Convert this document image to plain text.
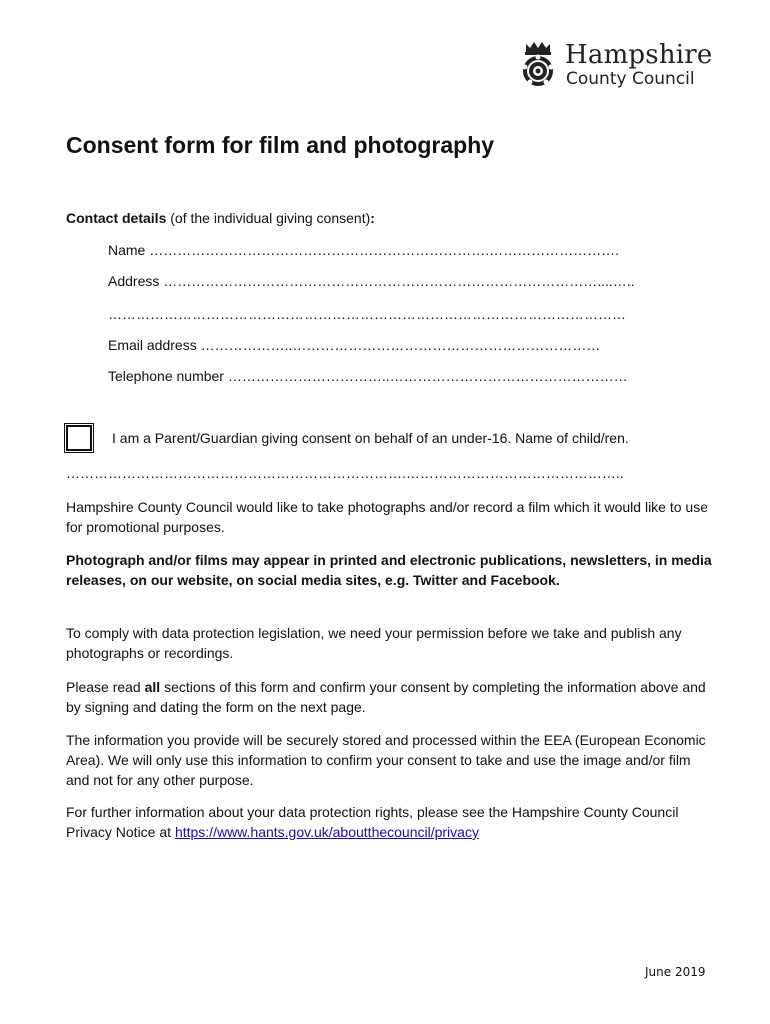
Hampshire
County Council
Consent form for film and photography
Contact details (of the individual giving consent):
Name ……………………………………………………………….……………………….
Address …………………………………………………………………………………....…..
…………………………………………………………………………………………………
Email address ………………..…………………………………………………………
Telephone number ……………………………..……………………………………………
I am a Parent/Guardian giving consent on behalf of an under-16. Name of child/ren.
……………………………………………………………….………………………………………..
Hampshire County Council would like to take photographs and/or record a film which it would like to use for promotional purposes.
Photograph and/or films may appear in printed and electronic publications, newsletters, in media releases, on our website, on social media sites, e.g. Twitter and Facebook.
To comply with data protection legislation, we need your permission before we take and publish any photographs or recordings.
Please read all sections of this form and confirm your consent by completing the information above and by signing and dating the form on the next page.
The information you provide will be securely stored and processed within the EEA (European Economic Area). We will only use this information to confirm your consent to take and use the image and/or film and not for any other purpose.
For further information about your data protection rights, please see the Hampshire County Council Privacy Notice at https://www.hants.gov.uk/aboutthecouncil/privacy
June 2019
